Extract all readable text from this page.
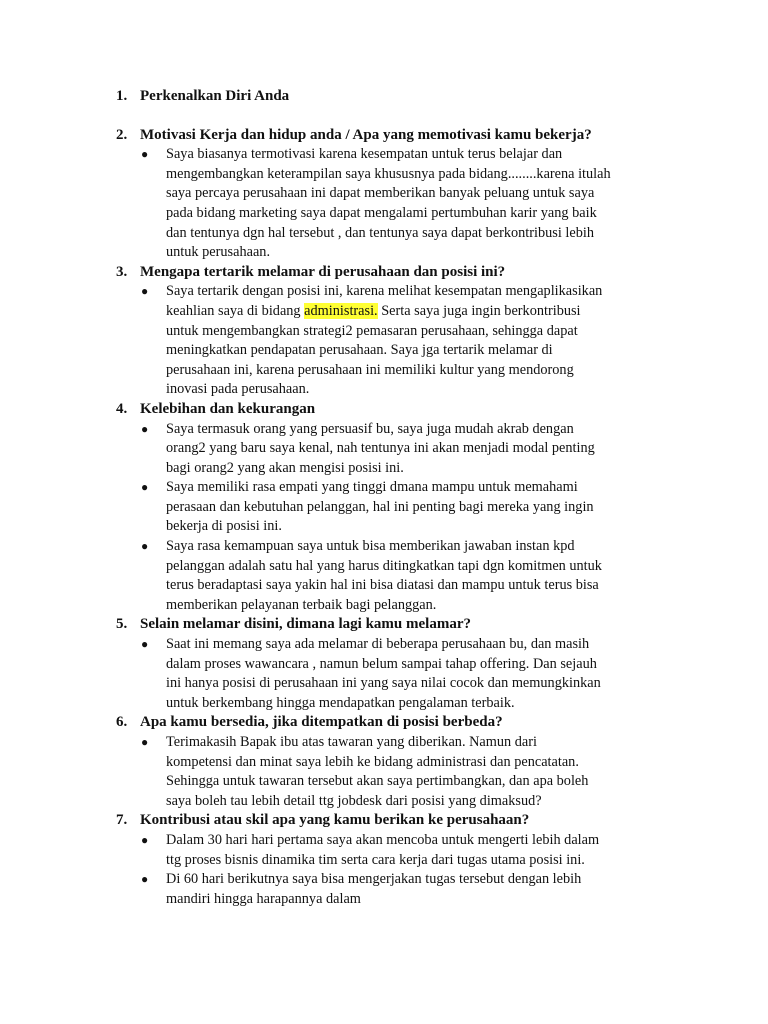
1. Perkenalkan Diri Anda
2. Motivasi Kerja dan hidup anda / Apa yang memotivasi kamu bekerja?
● Saya biasanya termotivasi karena kesempatan untuk terus belajar dan
mengembangkan keterampilan saya khususnya pada bidang........karena itulah
saya percaya perusahaan ini dapat memberikan banyak peluang untuk saya
pada bidang marketing saya dapat mengalami pertumbuhan karir yang baik
dan tentunya dgn hal tersebut , dan tentunya saya dapat berkontribusi lebih
untuk perusahaan.
3. Mengapa tertarik melamar di perusahaan dan posisi ini?
● Saya tertarik dengan posisi ini, karena melihat kesempatan mengaplikasikan
keahlian saya di bidang administrasi. Serta saya juga ingin berkontribusi
untuk mengembangkan strategi2 pemasaran perusahaan, sehingga dapat
meningkatkan pendapatan perusahaan. Saya jga tertarik melamar di
perusahaan ini, karena perusahaan ini memiliki kultur yang mendorong
inovasi pada perusahaan.
4. Kelebihan dan kekurangan
● Saya termasuk orang yang persuasif bu, saya juga mudah akrab dengan
orang2 yang baru saya kenal, nah tentunya ini akan menjadi modal penting
bagi orang2 yang akan mengisi posisi ini.
● Saya memiliki rasa empati yang tinggi dmana mampu untuk memahami
perasaan dan kebutuhan pelanggan, hal ini penting bagi mereka yang ingin
bekerja di posisi ini.
● Saya rasa kemampuan saya untuk bisa memberikan jawaban instan kpd
pelanggan adalah satu hal yang harus ditingkatkan tapi dgn komitmen untuk
terus beradaptasi saya yakin hal ini bisa diatasi dan mampu untuk terus bisa
memberikan pelayanan terbaik bagi pelanggan.
5. Selain melamar disini, dimana lagi kamu melamar?
● Saat ini memang saya ada melamar di beberapa perusahaan bu, dan masih
dalam proses wawancara , namun belum sampai tahap offering. Dan sejauh
ini hanya posisi di perusahaan ini yang saya nilai cocok dan memungkinkan
untuk berkembang hingga mendapatkan pengalaman terbaik.
6. Apa kamu bersedia, jika ditempatkan di posisi berbeda?
● Terimakasih Bapak ibu atas tawaran yang diberikan. Namun dari
kompetensi dan minat saya lebih ke bidang administrasi dan pencatatan.
Sehingga untuk tawaran tersebut akan saya pertimbangkan, dan apa boleh
saya boleh tau lebih detail ttg jobdesk dari posisi yang dimaksud?
7. Kontribusi atau skil apa yang kamu berikan ke perusahaan?
● Dalam 30 hari hari pertama saya akan mencoba untuk mengerti lebih dalam
ttg proses bisnis dinamika tim serta cara kerja dari tugas utama posisi ini.
● Di 60 hari berikutnya saya bisa mengerjakan tugas tersebut dengan lebih
mandiri hingga harapannya dalam
